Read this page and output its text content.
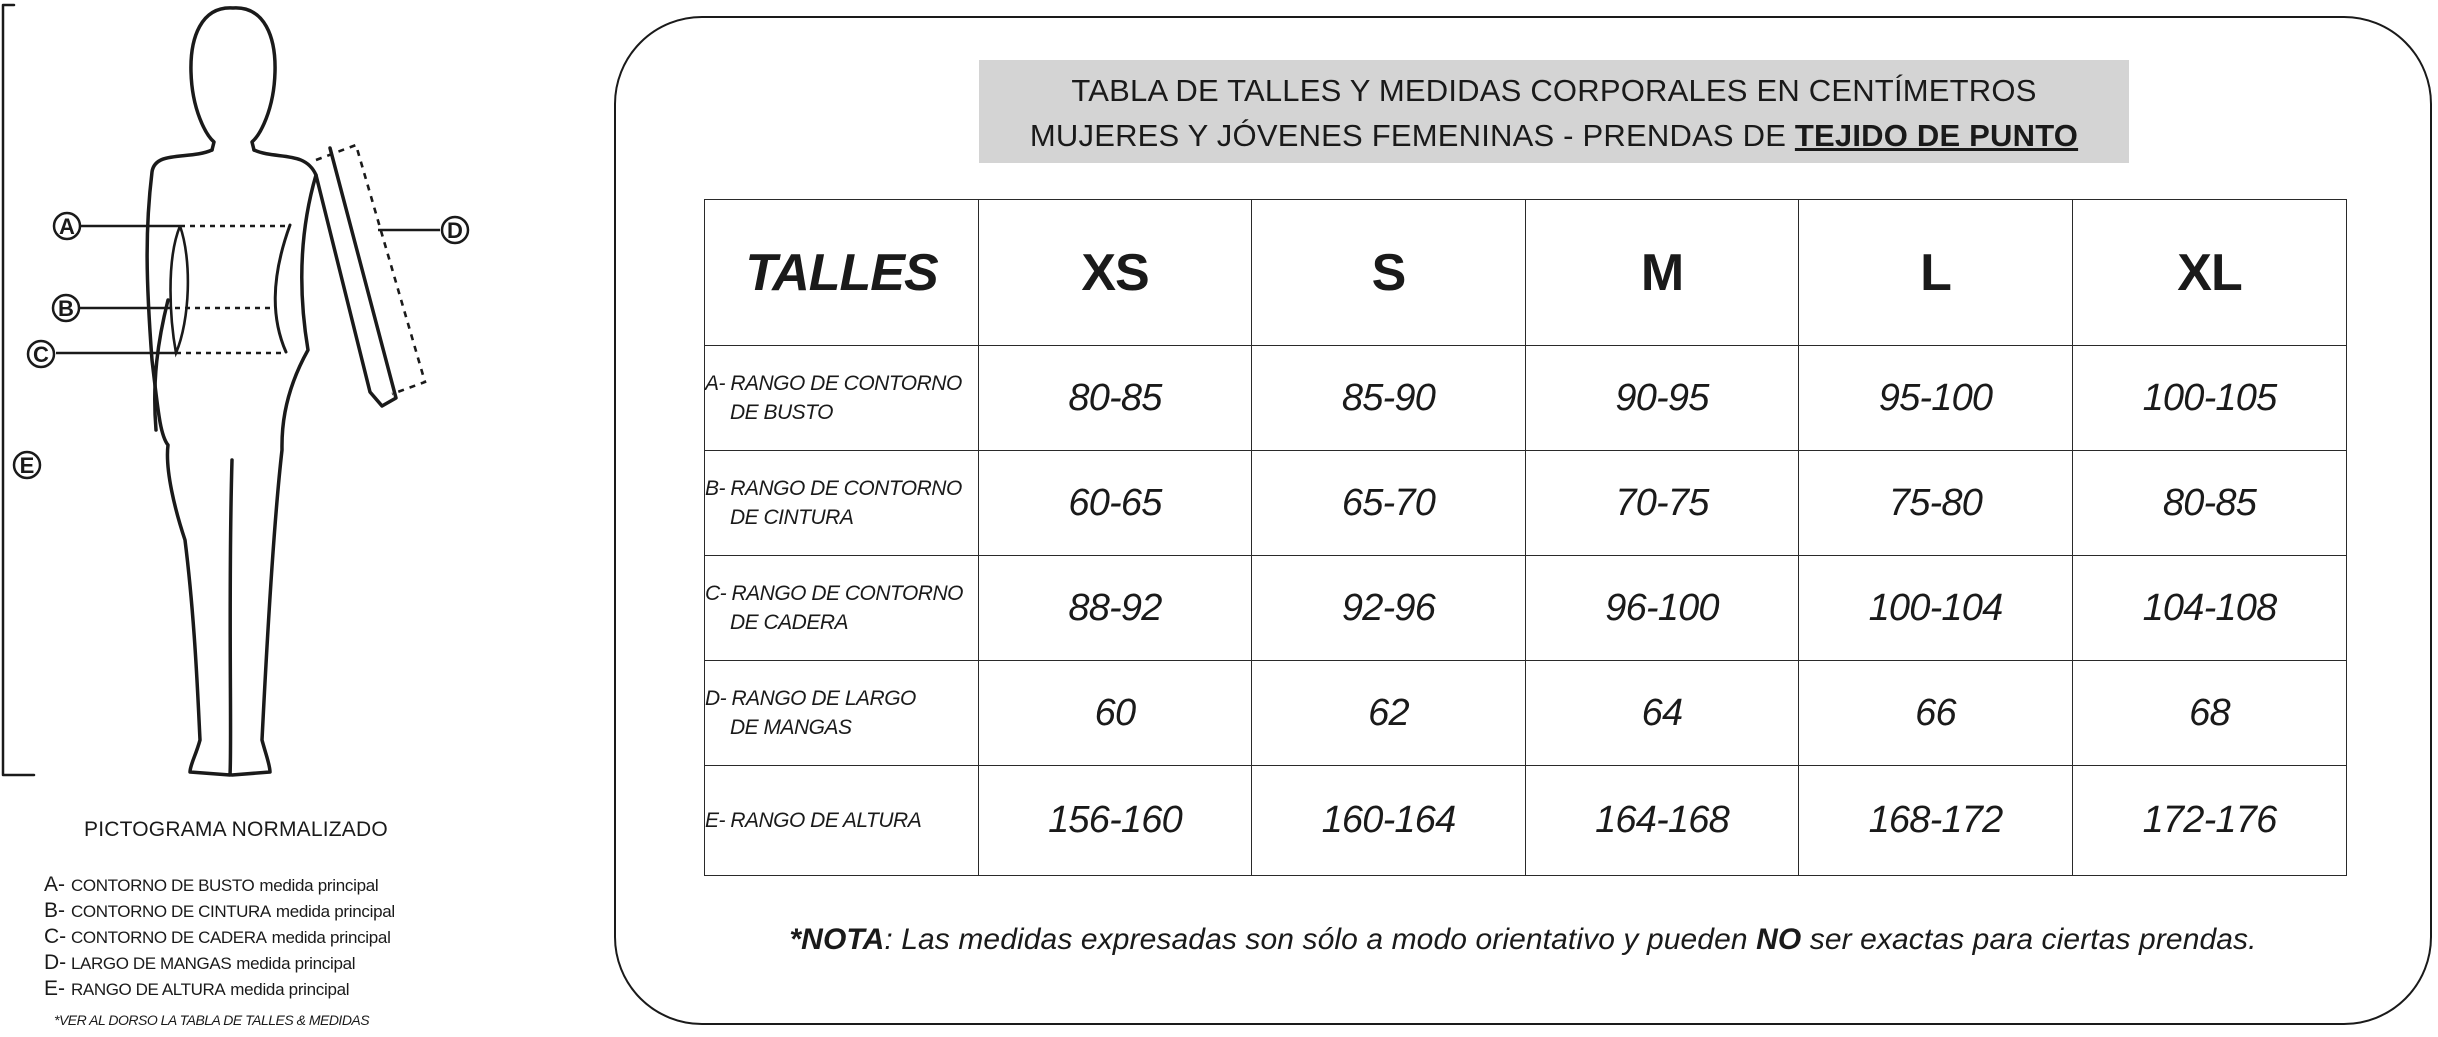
A
B
C
D
E
PICTOGRAMA NORMALIZADO
A- CONTORNO DE BUSTO medida principal
B- CONTORNO DE CINTURA medida principal
C- CONTORNO DE CADERA medida principal
D- LARGO DE MANGAS medida principal
E- RANGO DE ALTURA medida principal
*VER AL DORSO LA TABLA DE TALLES & MEDIDAS
TABLA DE TALLES Y MEDIDAS CORPORALES EN CENTÍMETROS
MUJERES Y JÓVENES FEMENINAS - PRENDAS DE TEJIDO DE PUNTO
TALLES	XS	S	M	L	XL
A- RANGO DE CONTORNO
DE BUSTO	80-85	85-90	90-95	95-100	100-105
B- RANGO DE CONTORNO
DE CINTURA	60-65	65-70	70-75	75-80	80-85
C- RANGO DE CONTORNO
DE CADERA	88-92	92-96	96-100	100-104	104-108
D- RANGO DE LARGO
DE MANGAS	60	62	64	66	68
E- RANGO DE ALTURA	156-160	160-164	164-168	168-172	172-176
*NOTA: Las medidas expresadas son sólo a modo orientativo y pueden NO ser exactas para ciertas prendas.
